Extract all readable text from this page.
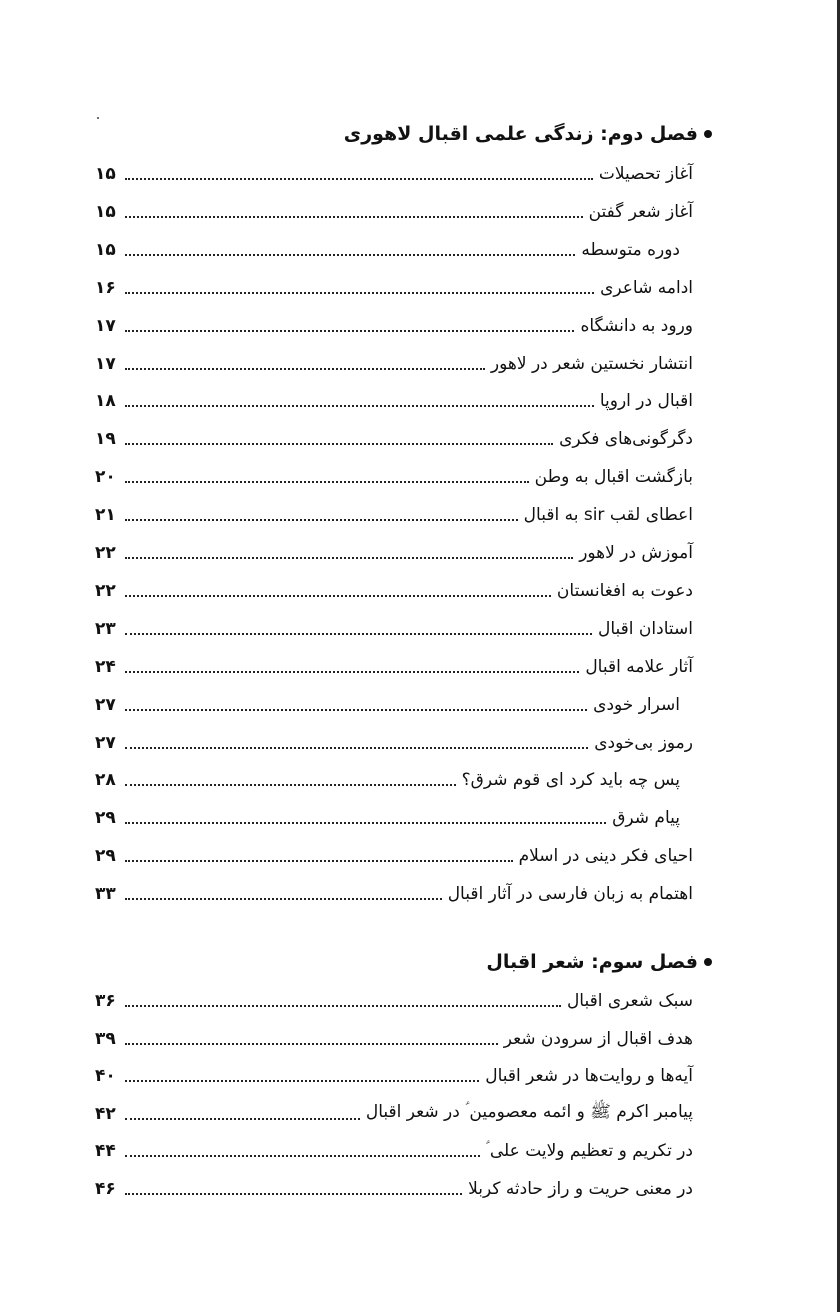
فصل دوم: زندگی علمی اقبال لاهوری
آغاز تحصیلات
۱۵
آغاز شعر گفتن
۱۵
دوره متوسطه
۱۵
ادامه شاعری
۱۶
ورود به دانشگاه
۱۷
انتشار نخستین شعر در لاهور
۱۷
اقبال در اروپا
۱۸
دگرگونی‌های فکری
۱۹
بازگشت اقبال به وطن
۲۰
اعطای لقب sir به اقبال
۲۱
آموزش در لاهور
۲۲
دعوت به افغانستان
۲۲
استادان اقبال
۲۳
آثار علامه اقبال
۲۴
اسرار خودی
۲۷
رموز بی‌خودی
۲۷
پس چه باید کرد ای قوم شرق؟
۲۸
پیام شرق
۲۹
احیای فکر دینی در اسلام
۲۹
اهتمام به زبان فارسی در آثار اقبال
۳۳
فصل سوم: شعر اقبال
سبک شعری اقبال
۳۶
هدف اقبال از سرودن شعر
۳۹
آیه‌ها و روایت‌ها در شعر اقبال
۴۰
پیامبر اکرم ﷺ و ائمه معصومین ؑ در شعر اقبال
۴۲
در تکریم و تعظیم ولایت علی ؑ
۴۴
در معنی حریت و راز حادثه کربلا
۴۶
